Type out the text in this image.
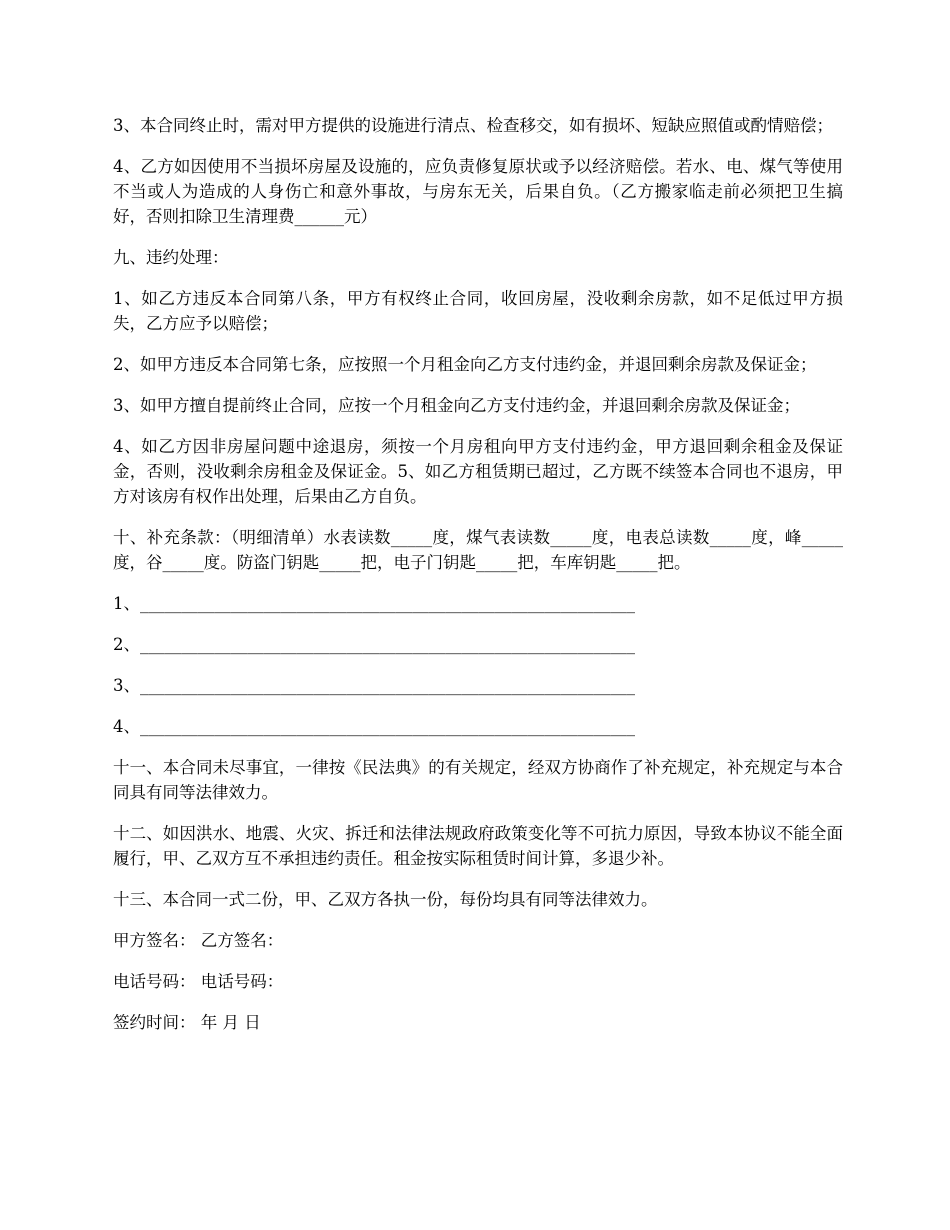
3、本合同终止时，需对甲方提供的设施进行清点、检查移交，如有损坏、短缺应照值或酌情赔偿；

4、乙方如因使用不当损坏房屋及设施的，应负责修复原状或予以经济赔偿。若水、电、煤气等使用不当或人为造成的人身伤亡和意外事故，与房东无关，后果自负。（乙方搬家临走前必须把卫生搞好，否则扣除卫生清理费______元）

九、违约处理：

1、如乙方违反本合同第八条，甲方有权终止合同，收回房屋，没收剩余房款，如不足低过甲方损失，乙方应予以赔偿；

2、如甲方违反本合同第七条，应按照一个月租金向乙方支付违约金，并退回剩余房款及保证金；

3、如甲方擅自提前终止合同，应按一个月租金向乙方支付违约金，并退回剩余房款及保证金；

4、如乙方因非房屋问题中途退房，须按一个月房租向甲方支付违约金，甲方退回剩余租金及保证金，否则，没收剩余房租金及保证金。5、如乙方租赁期已超过，乙方既不续签本合同也不退房，甲方对该房有权作出处理，后果由乙方自负。

十、补充条款：（明细清单）水表读数_____度，煤气表读数_____度，电表总读数_____度，峰_____度，谷_____度。防盗门钥匙_____把，电子门钥匙_____把，车库钥匙_____把。

1、____________________________________________________________

2、____________________________________________________________

3、____________________________________________________________

4、____________________________________________________________

十一、本合同未尽事宜，一律按《民法典》的有关规定，经双方协商作了补充规定，补充规定与本合同具有同等法律效力。

十二、如因洪水、地震、火灾、拆迁和法律法规政府政策变化等不可抗力原因，导致本协议不能全面履行，甲、乙双方互不承担违约责任。租金按实际租赁时间计算，多退少补。

十三、本合同一式二份，甲、乙双方各执一份，每份均具有同等法律效力。

甲方签名： 乙方签名：

电话号码： 电话号码：

签约时间： 年 月 日
